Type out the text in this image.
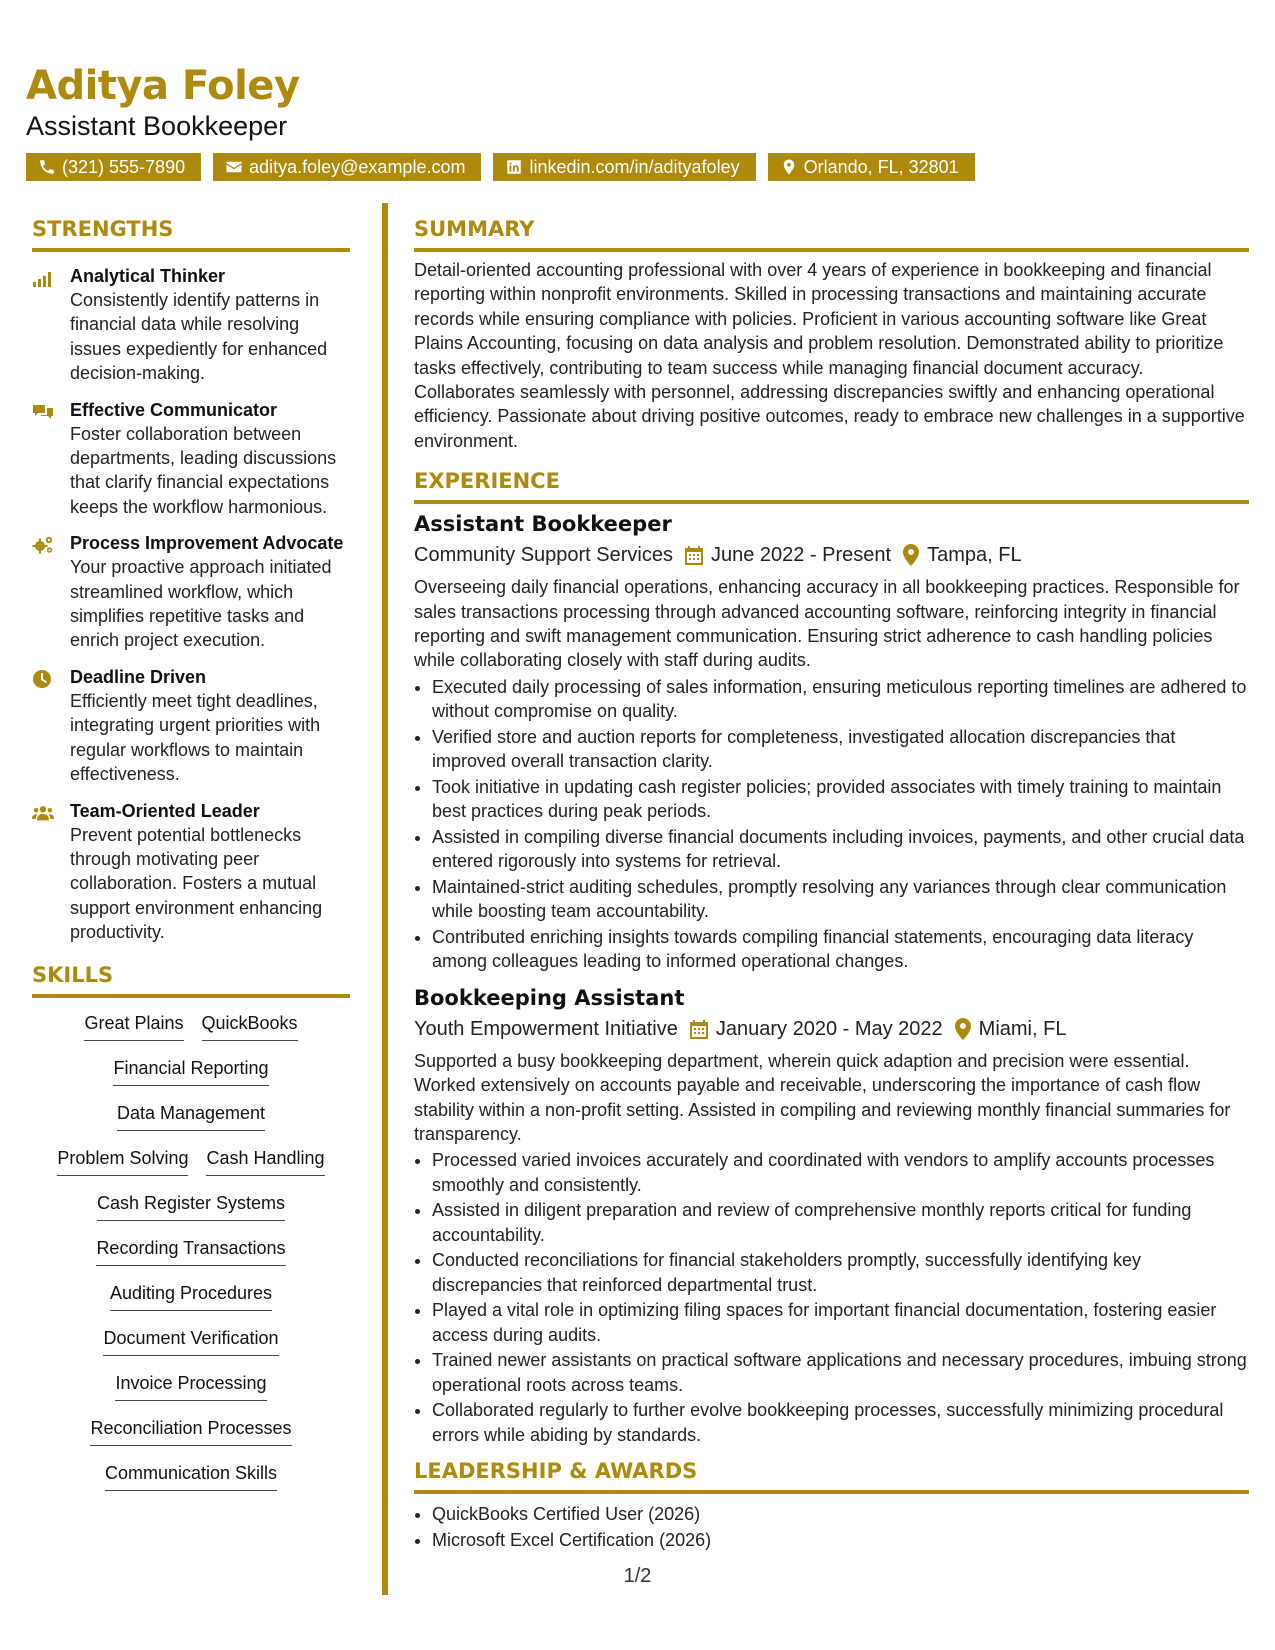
Aditya Foley
Assistant Bookkeeper
(321) 555-7890	aditya.foley@example.com	linkedin.com/in/adityafoley	Orlando, FL, 32801
STRENGTHS
Analytical Thinker
Consistently identify patterns in financial data while resolving issues expediently for enhanced decision-making.
Effective Communicator
Foster collaboration between departments, leading discussions that clarify financial expectations keeps the workflow harmonious.
Process Improvement Advocate
Your proactive approach initiated streamlined workflow, which simplifies repetitive tasks and enrich project execution.
Deadline Driven
Efficiently meet tight deadlines, integrating urgent priorities with regular workflows to maintain effectiveness.
Team-Oriented Leader
Prevent potential bottlenecks through motivating peer collaboration. Fosters a mutual support environment enhancing productivity.
SKILLS
Great Plains QuickBooks
Financial Reporting
Data Management
Problem Solving Cash Handling
Cash Register Systems
Recording Transactions
Auditing Procedures
Document Verification
Invoice Processing
Reconciliation Processes
Communication Skills
SUMMARY
Detail-oriented accounting professional with over 4 years of experience in bookkeeping and financial reporting within nonprofit environments. Skilled in processing transactions and maintaining accurate records while ensuring compliance with policies. Proficient in various accounting software like Great Plains Accounting, focusing on data analysis and problem resolution. Demonstrated ability to prioritize tasks effectively, contributing to team success while managing financial document accuracy. Collaborates seamlessly with personnel, addressing discrepancies swiftly and enhancing operational efficiency. Passionate about driving positive outcomes, ready to embrace new challenges in a supportive environment.
EXPERIENCE
Assistant Bookkeeper
Community Support Services June 2022 - Present Tampa, FL
Overseeing daily financial operations, enhancing accuracy in all bookkeeping practices. Responsible for sales transactions processing through advanced accounting software, reinforcing integrity in financial reporting and swift management communication. Ensuring strict adherence to cash handling policies while collaborating closely with staff during audits.
• Executed daily processing of sales information, ensuring meticulous reporting timelines are adhered to without compromise on quality.
• Verified store and auction reports for completeness, investigated allocation discrepancies that improved overall transaction clarity.
• Took initiative in updating cash register policies; provided associates with timely training to maintain best practices during peak periods.
• Assisted in compiling diverse financial documents including invoices, payments, and other crucial data entered rigorously into systems for retrieval.
• Maintained-strict auditing schedules, promptly resolving any variances through clear communication while boosting team accountability.
• Contributed enriching insights towards compiling financial statements, encouraging data literacy among colleagues leading to informed operational changes.
Bookkeeping Assistant
Youth Empowerment Initiative January 2020 - May 2022 Miami, FL
Supported a busy bookkeeping department, wherein quick adaption and precision were essential. Worked extensively on accounts payable and receivable, underscoring the importance of cash flow stability within a non-profit setting. Assisted in compiling and reviewing monthly financial summaries for transparency.
• Processed varied invoices accurately and coordinated with vendors to amplify accounts processes smoothly and consistently.
• Assisted in diligent preparation and review of comprehensive monthly reports critical for funding accountability.
• Conducted reconciliations for financial stakeholders promptly, successfully identifying key discrepancies that reinforced departmental trust.
• Played a vital role in optimizing filing spaces for important financial documentation, fostering easier access during audits.
• Trained newer assistants on practical software applications and necessary procedures, imbuing strong operational roots across teams.
• Collaborated regularly to further evolve bookkeeping processes, successfully minimizing procedural errors while abiding by standards.
LEADERSHIP & AWARDS
• QuickBooks Certified User (2026)
• Microsoft Excel Certification (2026)
1/2
